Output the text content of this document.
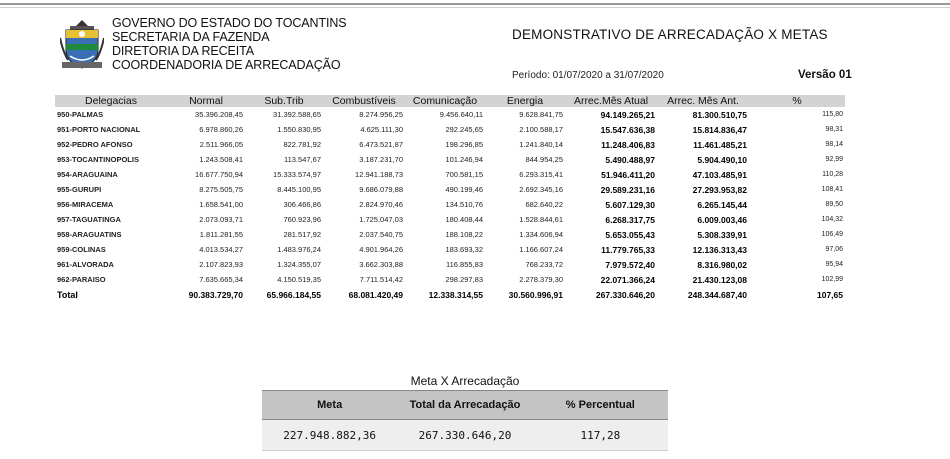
GOVERNO DO ESTADO DO TOCANTINS
SECRETARIA DA FAZENDA
DIRETORIA DA RECEITA
COORDENADORIA DE ARRECADAÇÃO
DEMONSTRATIVO DE ARRECADAÇÃO X METAS
Período: 01/07/2020 a 31/07/2020	Versão 01
Delegacias	Normal	Sub.Trib	Combustíveis	Comunicação	Energia	Arrec.Mês Atual	Arrec. Mês Ant.	%
950-PALMAS	35.396.208,45	31.392.588,65	8.274.956,25	9.456.640,11	9.628.841,75	94.149.265,21	81.300.510,75	115,80
951-PORTO NACIONAL	6.978.860,26	1.550.830,95	4.625.111,30	292.245,65	2.100.588,17	15.547.636,38	15.814.836,47	98,31
952-PEDRO AFONSO	2.511.966,05	822.781,92	6.473.521,87	198.296,85	1.241.840,14	11.248.406,83	11.461.485,21	98,14
953-TOCANTINOPOLIS	1.243.508,41	113.547,67	3.187.231,70	101.246,94	844.954,25	5.490.488,97	5.904.490,10	92,99
954-ARAGUAINA	16.677.750,94	15.333.574,97	12.941.188,73	700.581,15	6.293.315,41	51.946.411,20	47.103.485,91	110,28
955-GURUPI	8.275.505,75	8.445.100,95	9.686.079,88	490.199,46	2.692.345,16	29.589.231,16	27.293.953,82	108,41
956-MIRACEMA	1.658.541,00	306.466,86	2.824.970,46	134.510,76	682.640,22	5.607.129,30	6.265.145,44	89,50
957-TAGUATINGA	2.073.093,71	760.923,96	1.725.047,03	180.408,44	1.528.844,61	6.268.317,75	6.009.003,46	104,32
958-ARAGUATINS	1.811.281,55	281.517,92	2.037.540,75	188.108,22	1.334.606,94	5.653.055,43	5.308.339,91	106,49
959-COLINAS	4.013.534,27	1.483.976,24	4.901.964,26	183.693,32	1.166.607,24	11.779.765,33	12.136.313,43	97,06
961-ALVORADA	2.107.823,93	1.324.355,07	3.662.303,88	116.855,83	768.233,72	7.979.572,40	8.316.980,02	95,94
962-PARAISO	7.635.665,34	4.150.519,35	7.711.514,42	298.297,83	2.278.379,30	22.071.366,24	21.430.123,08	102,99
Total	90.383.729,70	65.966.184,55	68.081.420,49	12.338.314,55	30.560.996,91	267.330.646,20	248.344.687,40	107,65
Meta X Arrecadação
Meta	Total da Arrecadação	% Percentual
227.948.882,36	267.330.646,20	117,28
